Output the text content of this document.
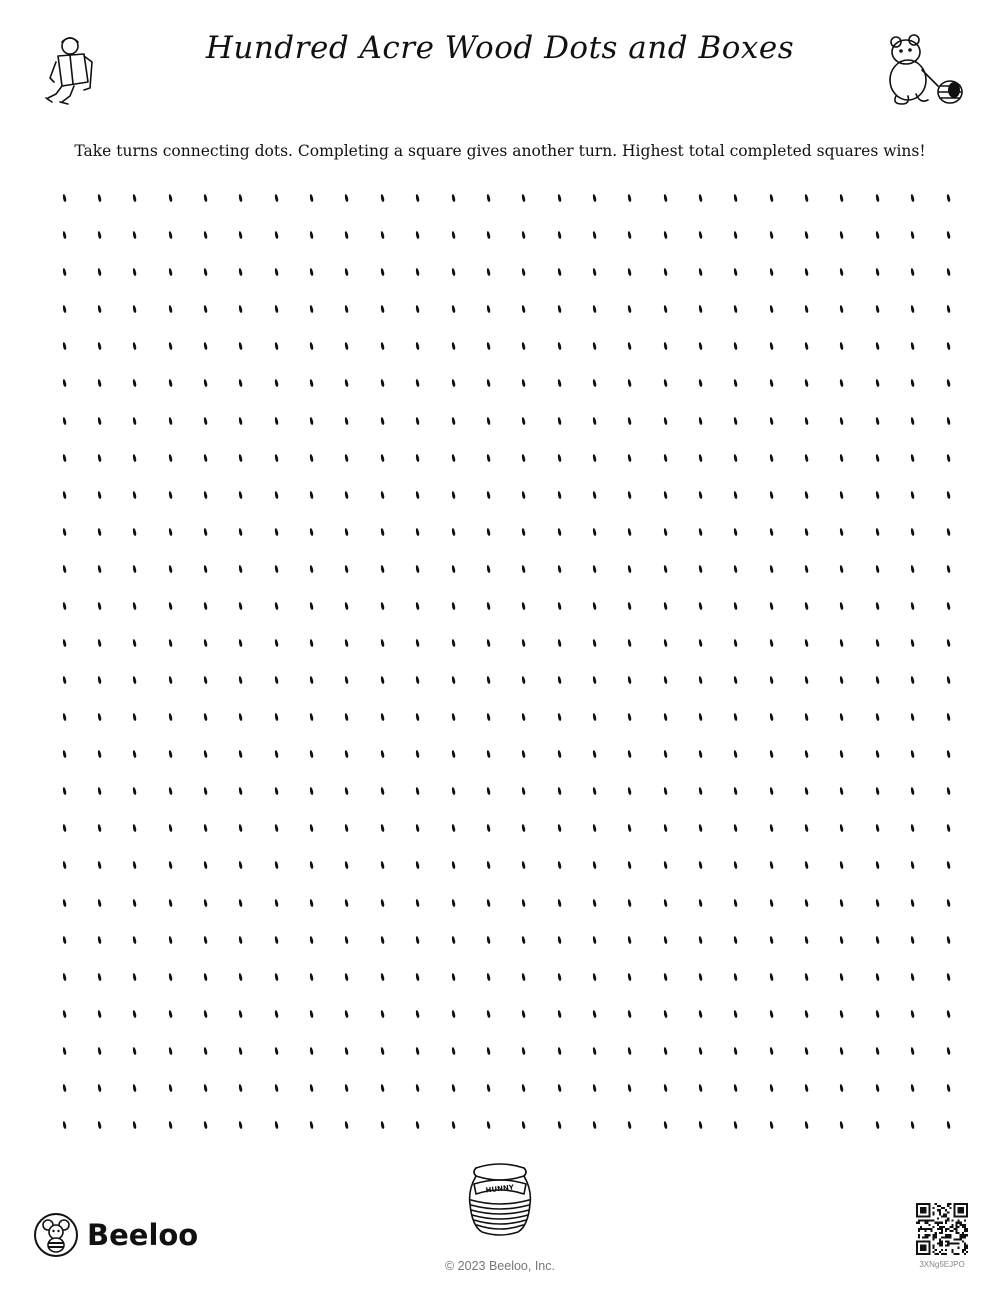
Hundred Acre Wood Dots and Boxes
Take turns connecting dots. Completing a square gives another turn. Highest total completed squares wins!
HUNNY
Beeloo
© 2023 Beeloo, Inc.	3XNg5EJPO
